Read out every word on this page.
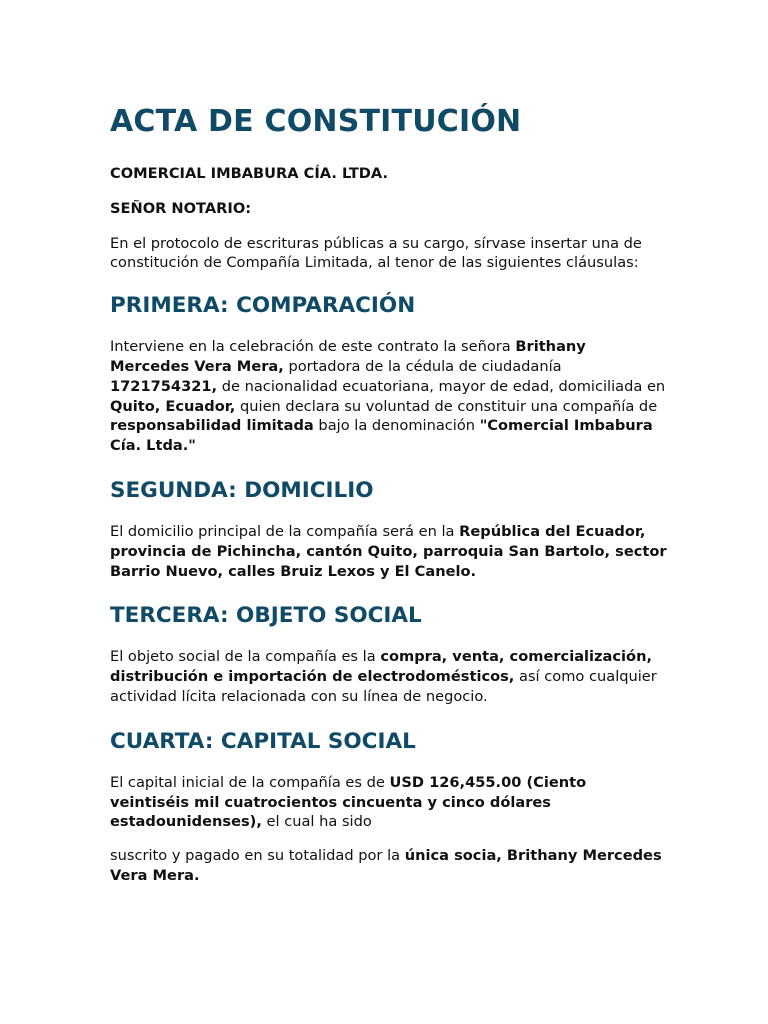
ACTA DE CONSTITUCIÓN

COMERCIAL IMBABURA CÍA. LTDA.

SEÑOR NOTARIO:

En el protocolo de escrituras públicas a su cargo, sírvase insertar una de constitución de Compañía Limitada, al tenor de las siguientes cláusulas:

PRIMERA: COMPARACIÓN

Interviene en la celebración de este contrato la señora Brithany Mercedes Vera Mera, portadora de la cédula de ciudadanía 1721754321, de nacionalidad ecuatoriana, mayor de edad, domiciliada en Quito, Ecuador, quien declara su voluntad de constituir una compañía de responsabilidad limitada bajo la denominación "Comercial Imbabura Cía. Ltda."

SEGUNDA: DOMICILIO

El domicilio principal de la compañía será en la República del Ecuador, provincia de Pichincha, cantón Quito, parroquia San Bartolo, sector Barrio Nuevo, calles Bruiz Lexos y El Canelo.

TERCERA: OBJETO SOCIAL

El objeto social de la compañía es la compra, venta, comercialización, distribución e importación de electrodomésticos, así como cualquier actividad lícita relacionada con su línea de negocio.

CUARTA: CAPITAL SOCIAL

El capital inicial de la compañía es de USD 126,455.00 (Ciento veintiséis mil cuatrocientos cincuenta y cinco dólares estadounidenses), el cual ha sido

suscrito y pagado en su totalidad por la única socia, Brithany Mercedes Vera Mera.
